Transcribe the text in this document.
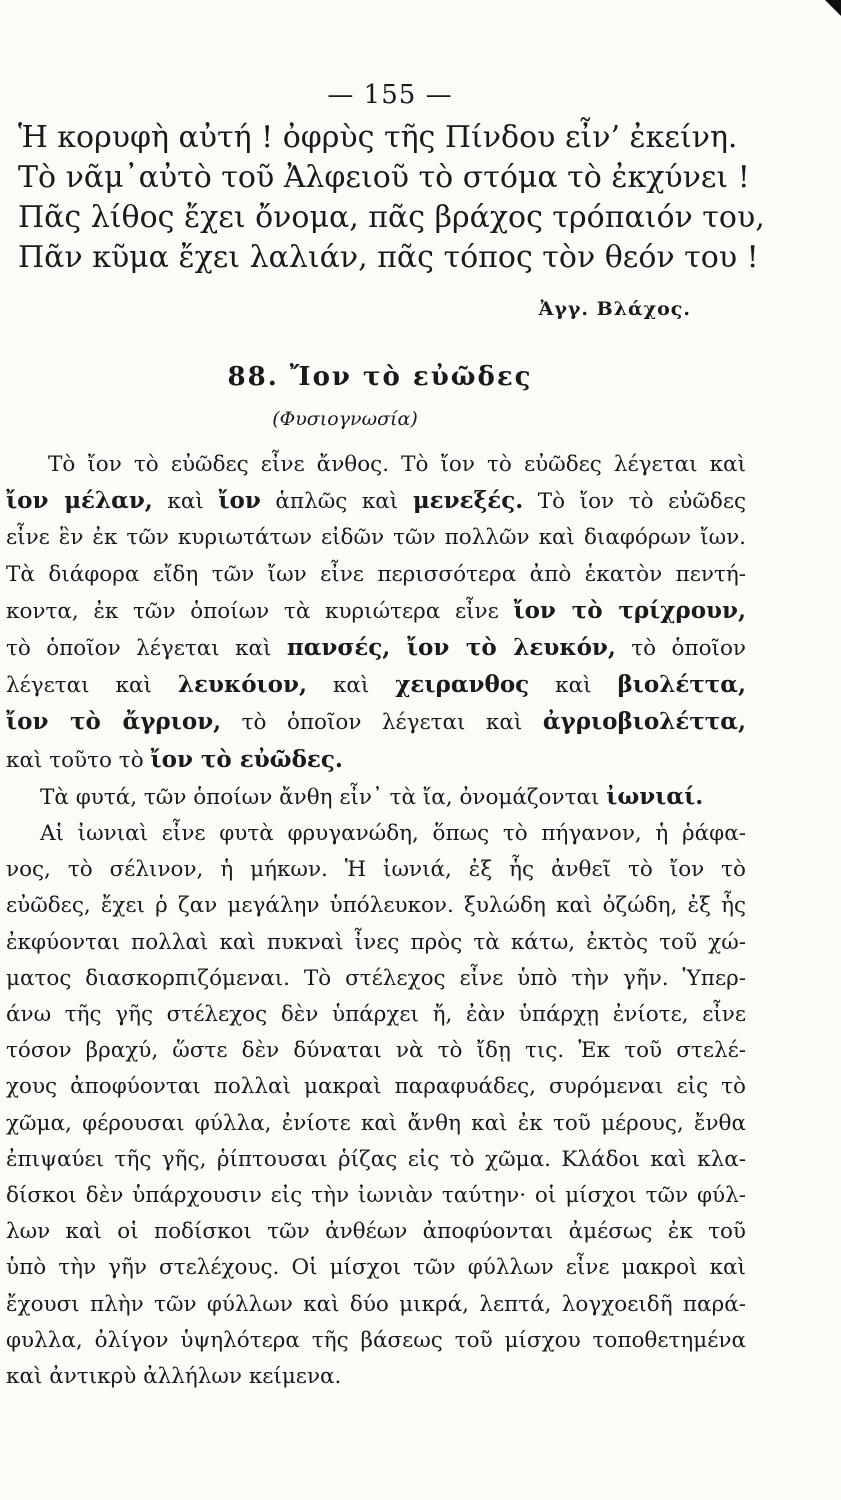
— 155 —
Ἡ κορυφὴ αὐτή ! ὀφρὺς τῆς Πίνδου εἶν’ ἐκείνη.
Τὸ νᾶμ᾽αὐτὸ τοῦ Ἀλφειοῦ τὸ στόμα τὸ ἐκχύνει !
Πᾶς λίθος ἔχει ὄνομα, πᾶς βράχος τρόπαιόν του,
Πᾶν κῦμα ἔχει λαλιάν, πᾶς τόπος τὸν θεόν του !
Ἀγγ. Βλάχος.
88. Ἴον τὸ εὐῶδες
(Φυσιογνωσία)
Τὸ ἴον τὸ εὐῶδες εἶνε ἄνθος. Τὸ ἴον τὸ εὐῶδες λέγεται καὶ
ἴον μέλαν, καὶ ἴον ἁπλῶς καὶ μενεξές. Τὸ ἴον τὸ εὐῶδες
εἶνε ἓν ἐκ τῶν κυριωτάτων εἰδῶν τῶν πολλῶν καὶ διαφόρων ἴων.
Τὰ διάφορα εἴδη τῶν ἴων εἶνε περισσότερα ἀπὸ ἑκατὸν πεντή-
κοντα, ἐκ τῶν ὁποίων τὰ κυριώτερα εἶνε ἴον τὸ τρίχρουν,
τὸ ὁποῖον λέγεται καὶ πανσές, ἴον τὸ λευκόν, τὸ ὁποῖον
λέγεται καὶ λευκόιον, καὶ χειρανθος καὶ βιολέττα,
ἴον τὸ ἄγριον, τὸ ὁποῖον λέγεται καὶ ἀγριοβιολέττα,
καὶ τοῦτο τὸ ἴον τὸ εὐῶδες.
Τὰ φυτά, τῶν ὁποίων ἄνθη εἶν᾽ τὰ ἴα, ὀνομάζονται ἰωνιαί.
Αἱ ἰωνιαὶ εἶνε φυτὰ φρυγανώδη, ὅπως τὸ πήγανον, ἡ ῥάφα-
νος, τὸ σέλινον, ἡ μήκων. Ἡ ἰωνιά, ἐξ ἧς ἀνθεῖ τὸ ἴον τὸ
εὐῶδες, ἔχει ῥ ζαν μεγάλην ὑπόλευκον. ξυλώδη καὶ ὀζώδη, ἐξ ἧς
ἐκφύονται πολλαὶ καὶ πυκναὶ ἶνες πρὸς τὰ κάτω, ἐκτὸς τοῦ χώ-
ματος διασκορπιζόμεναι. Τὸ στέλεχος εἶνε ὑπὸ τὴν γῆν. Ὑπερ-
άνω τῆς γῆς στέλεχος δὲν ὑπάρχει ἤ, ἐὰν ὑπάρχῃ ἐνίοτε, εἶνε
τόσον βραχύ, ὥστε δὲν δύναται νὰ τὸ ἴδῃ τις. Ἐκ τοῦ στελέ-
χους ἀποφύονται πολλαὶ μακραὶ παραφυάδες, συρόμεναι εἰς τὸ
χῶμα, φέρουσαι φύλλα, ἐνίοτε καὶ ἄνθη καὶ ἐκ τοῦ μέρους, ἔνθα
ἐπιψαύει τῆς γῆς, ῥίπτουσαι ῥίζας εἰς τὸ χῶμα. Κλάδοι καὶ κλα-
δίσκοι δὲν ὑπάρχουσιν εἰς τὴν ἰωνιὰν ταύτην· οἱ μίσχοι τῶν φύλ-
λων καὶ οἱ ποδίσκοι τῶν ἀνθέων ἀποφύονται ἀμέσως ἐκ τοῦ
ὑπὸ τὴν γῆν στελέχους. Οἱ μίσχοι τῶν φύλλων εἶνε μακροὶ καὶ
ἔχουσι πλὴν τῶν φύλλων καὶ δύο μικρά, λεπτά, λογχοειδῆ παρά-
φυλλα, ὀλίγον ὑψηλότερα τῆς βάσεως τοῦ μίσχου τοποθετημένα
καὶ ἀντικρὺ ἀλλήλων κείμενα.
